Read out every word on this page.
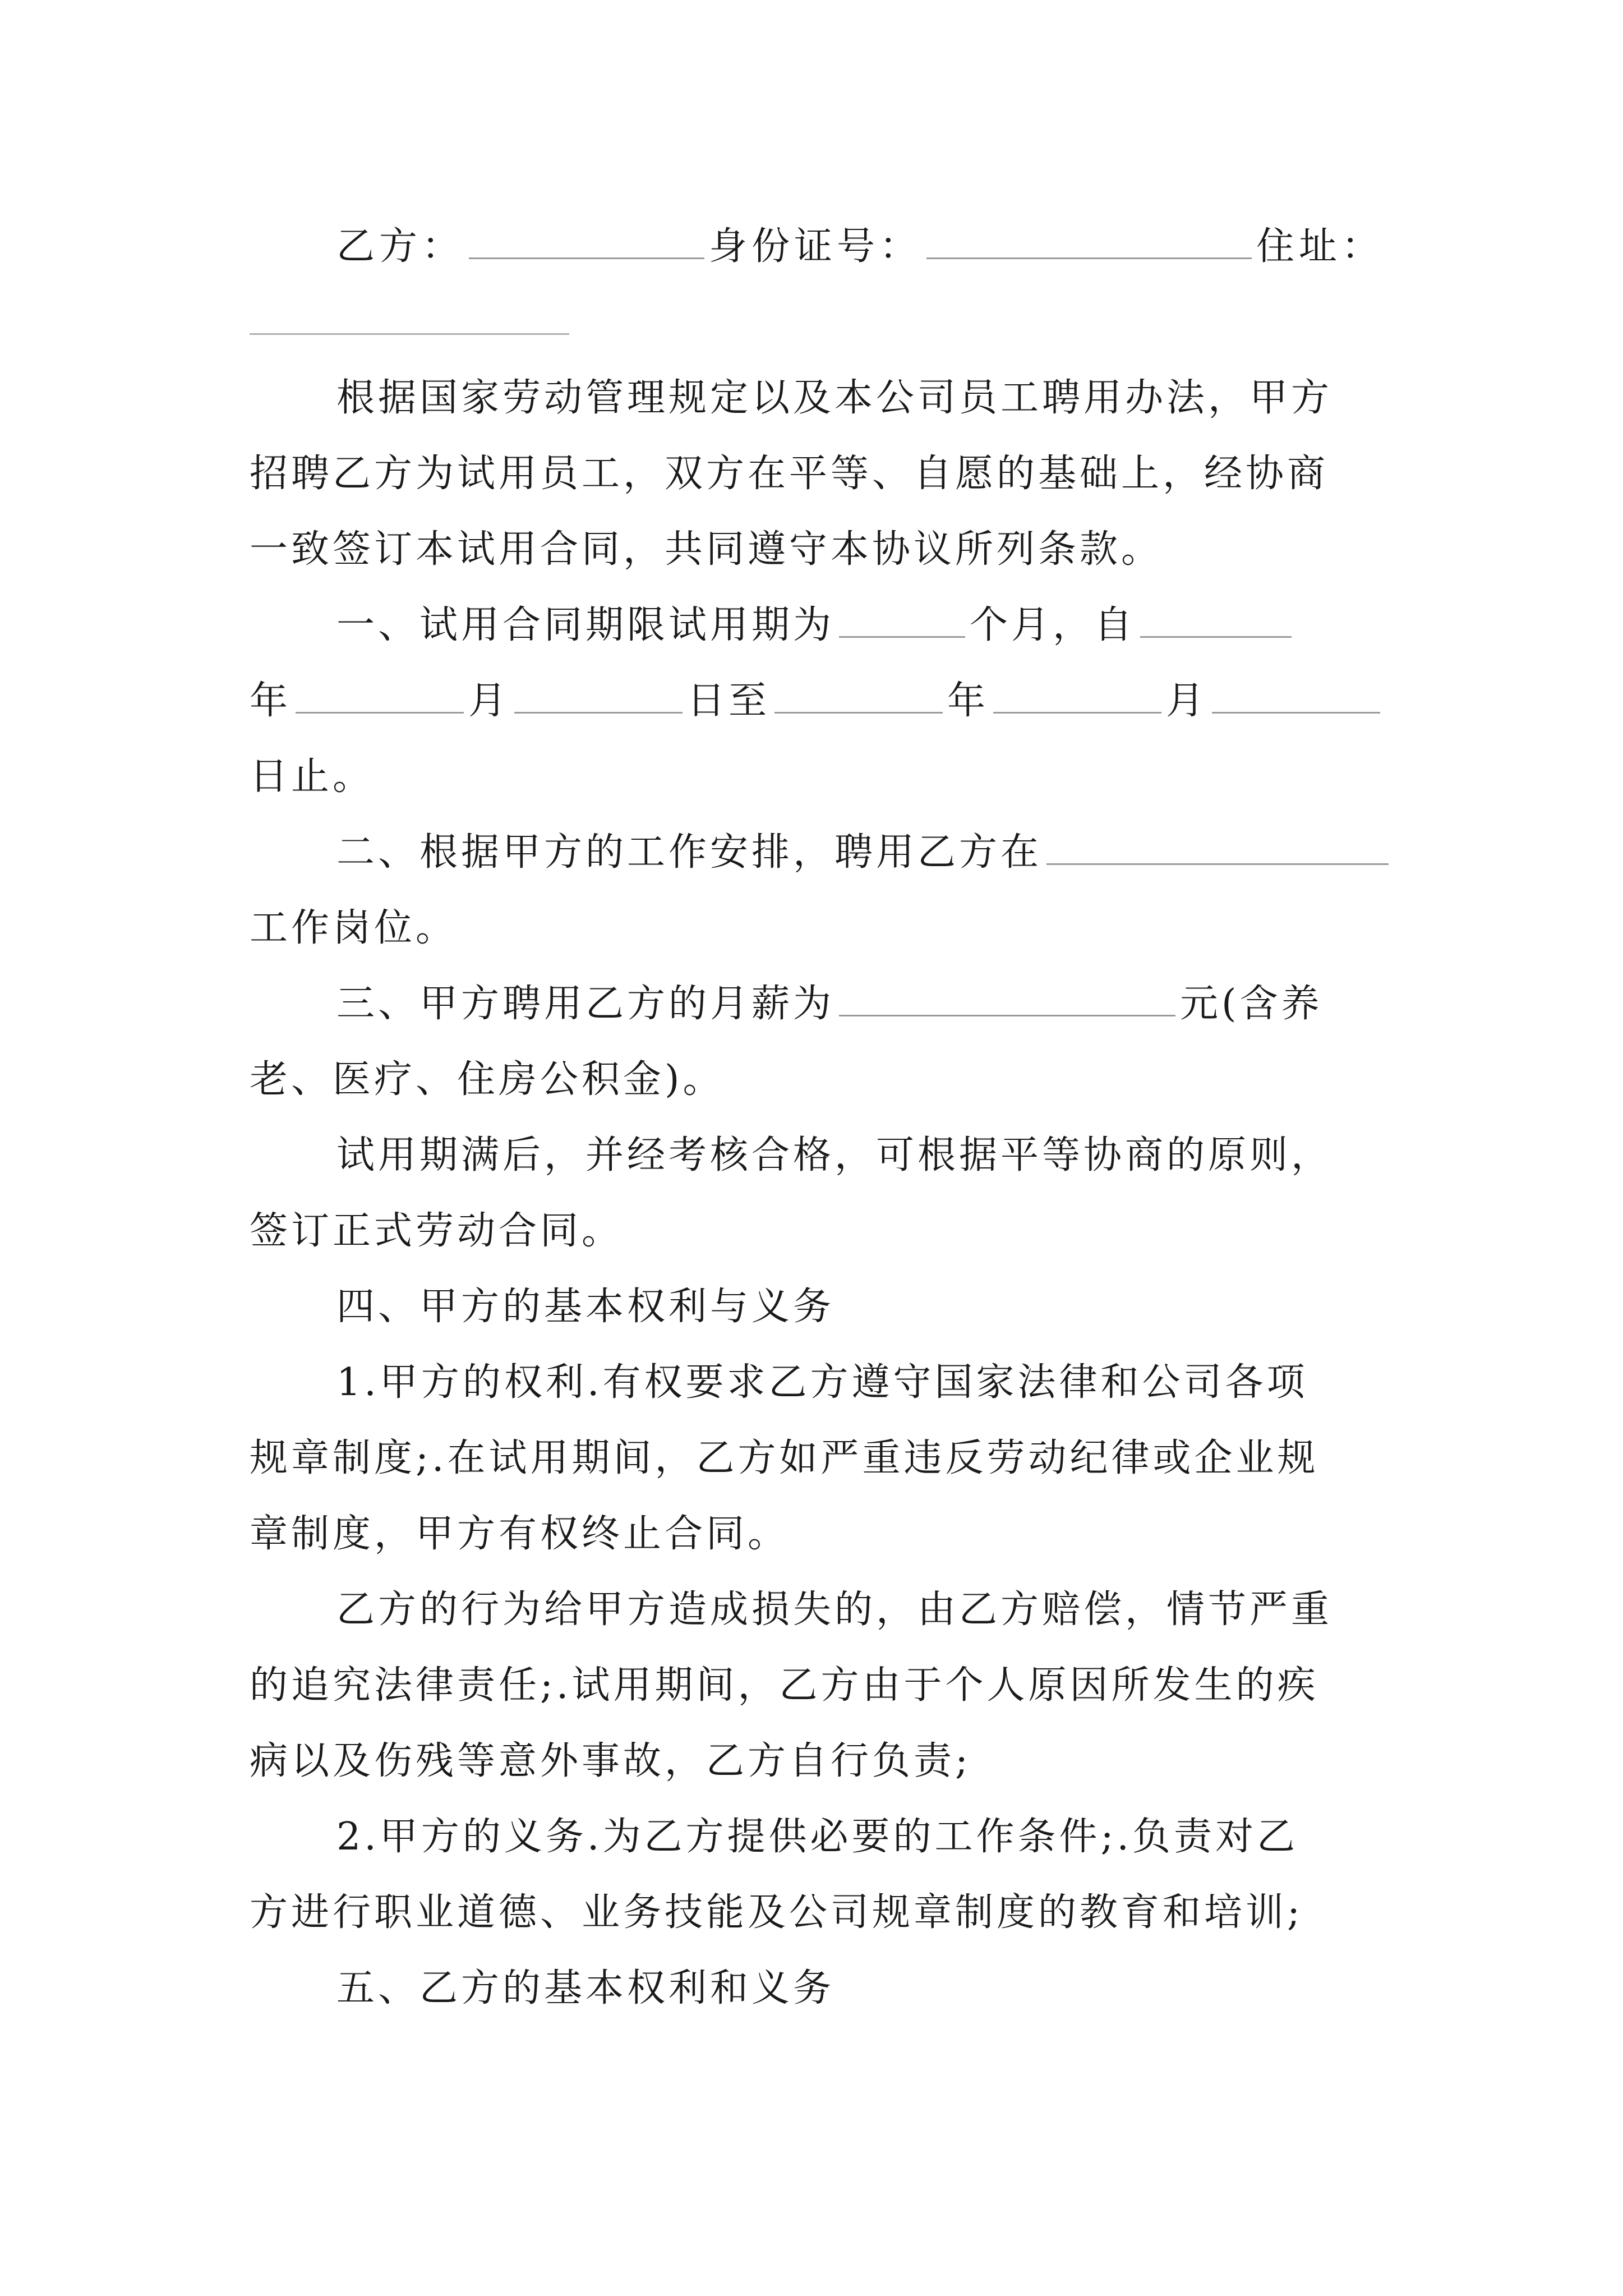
乙方：	身份证号：	住址：
根据国家劳动管理规定以及本公司员工聘用办法，甲方
招聘乙方为试用员工，双方在平等、自愿的基础上，经协商
一致签订本试用合同，共同遵守本协议所列条款。
一、试用合同期限试用期为	个月，自
年	月	日至	年	月
日止。
二、根据甲方的工作安排，聘用乙方在
工作岗位。
三、甲方聘用乙方的月薪为	元(含养
老、医疗、住房公积金)。
试用期满后，并经考核合格，可根据平等协商的原则，
签订正式劳动合同。
四、甲方的基本权利与义务
1.甲方的权利.有权要求乙方遵守国家法律和公司各项
规章制度;.在试用期间，乙方如严重违反劳动纪律或企业规
章制度，甲方有权终止合同。
乙方的行为给甲方造成损失的，由乙方赔偿，情节严重
的追究法律责任;.试用期间，乙方由于个人原因所发生的疾
病以及伤残等意外事故，乙方自行负责;
2.甲方的义务.为乙方提供必要的工作条件;.负责对乙
方进行职业道德、业务技能及公司规章制度的教育和培训;
五、乙方的基本权利和义务
